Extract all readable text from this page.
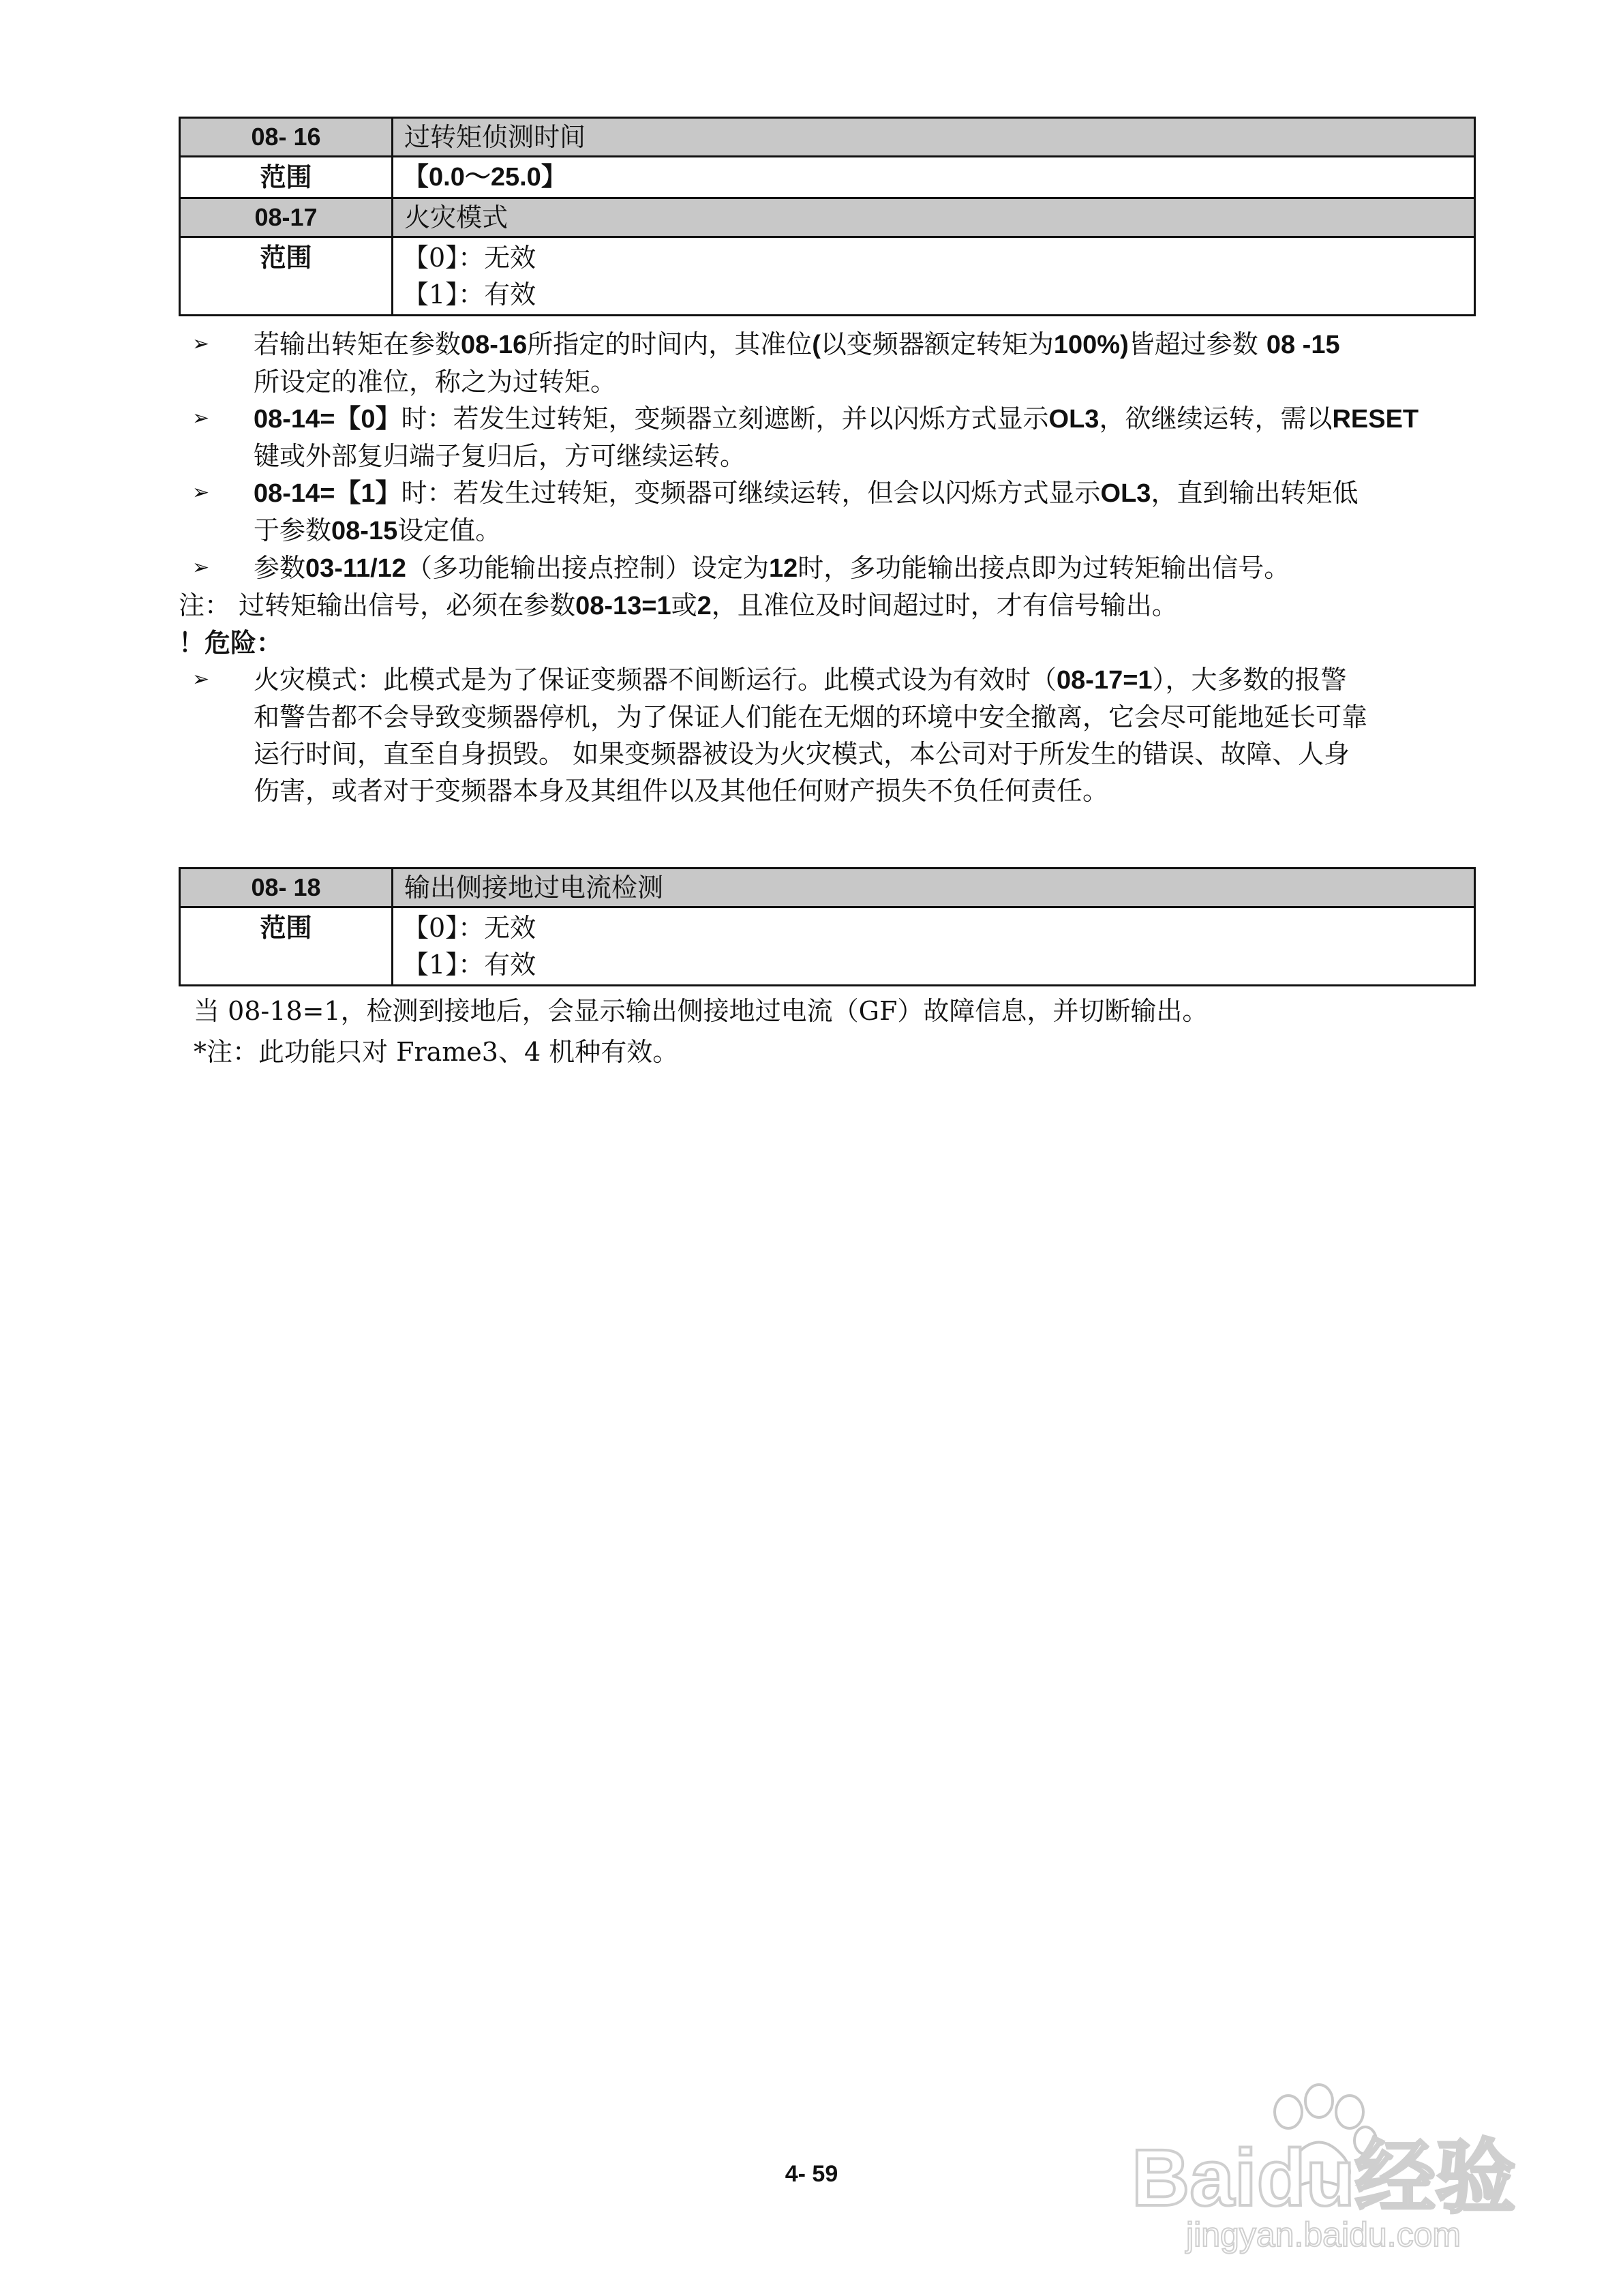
08- 16	过转矩侦测时间
范围	【0.0～25.0】
08-17	火灾模式
范围	【0】：无效
【1】：有效
➢ 若输出转矩在参数08-16所指定的时间内，其准位(以变频器额定转矩为100%)皆超过参数 08 -15
所设定的准位，称之为过转矩。
➢ 08-14=【0】时：若发生过转矩，变频器立刻遮断，并以闪烁方式显示OL3，欲继续运转，需以RESET
键或外部复归端子复归后，方可继续运转。
➢ 08-14=【1】时：若发生过转矩，变频器可继续运转，但会以闪烁方式显示OL3，直到输出转矩低
于参数08-15设定值。
➢ 参数03-11/12（多功能输出接点控制）设定为12时，多功能输出接点即为过转矩输出信号。
注： 过转矩输出信号，必须在参数08-13=1或2，且准位及时间超过时，才有信号输出。
！危险：
➢ 火灾模式：此模式是为了保证变频器不间断运行。此模式设为有效时（08-17=1），大多数的报警
和警告都不会导致变频器停机，为了保证人们能在无烟的环境中安全撤离，它会尽可能地延长可靠
运行时间，直至自身损毁。 如果变频器被设为火灾模式，本公司对于所发生的错误、故障、人身
伤害，或者对于变频器本身及其组件以及其他任何财产损失不负任何责任。
08- 18	输出侧接地过电流检测
范围	【0】：无效
【1】：有效
当 08-18=1，检测到接地后，会显示输出侧接地过电流（GF）故障信息，并切断输出。
*注：此功能只对 Frame3、4 机种有效。
4- 59	Baidu经验
jingyan.baidu.com
